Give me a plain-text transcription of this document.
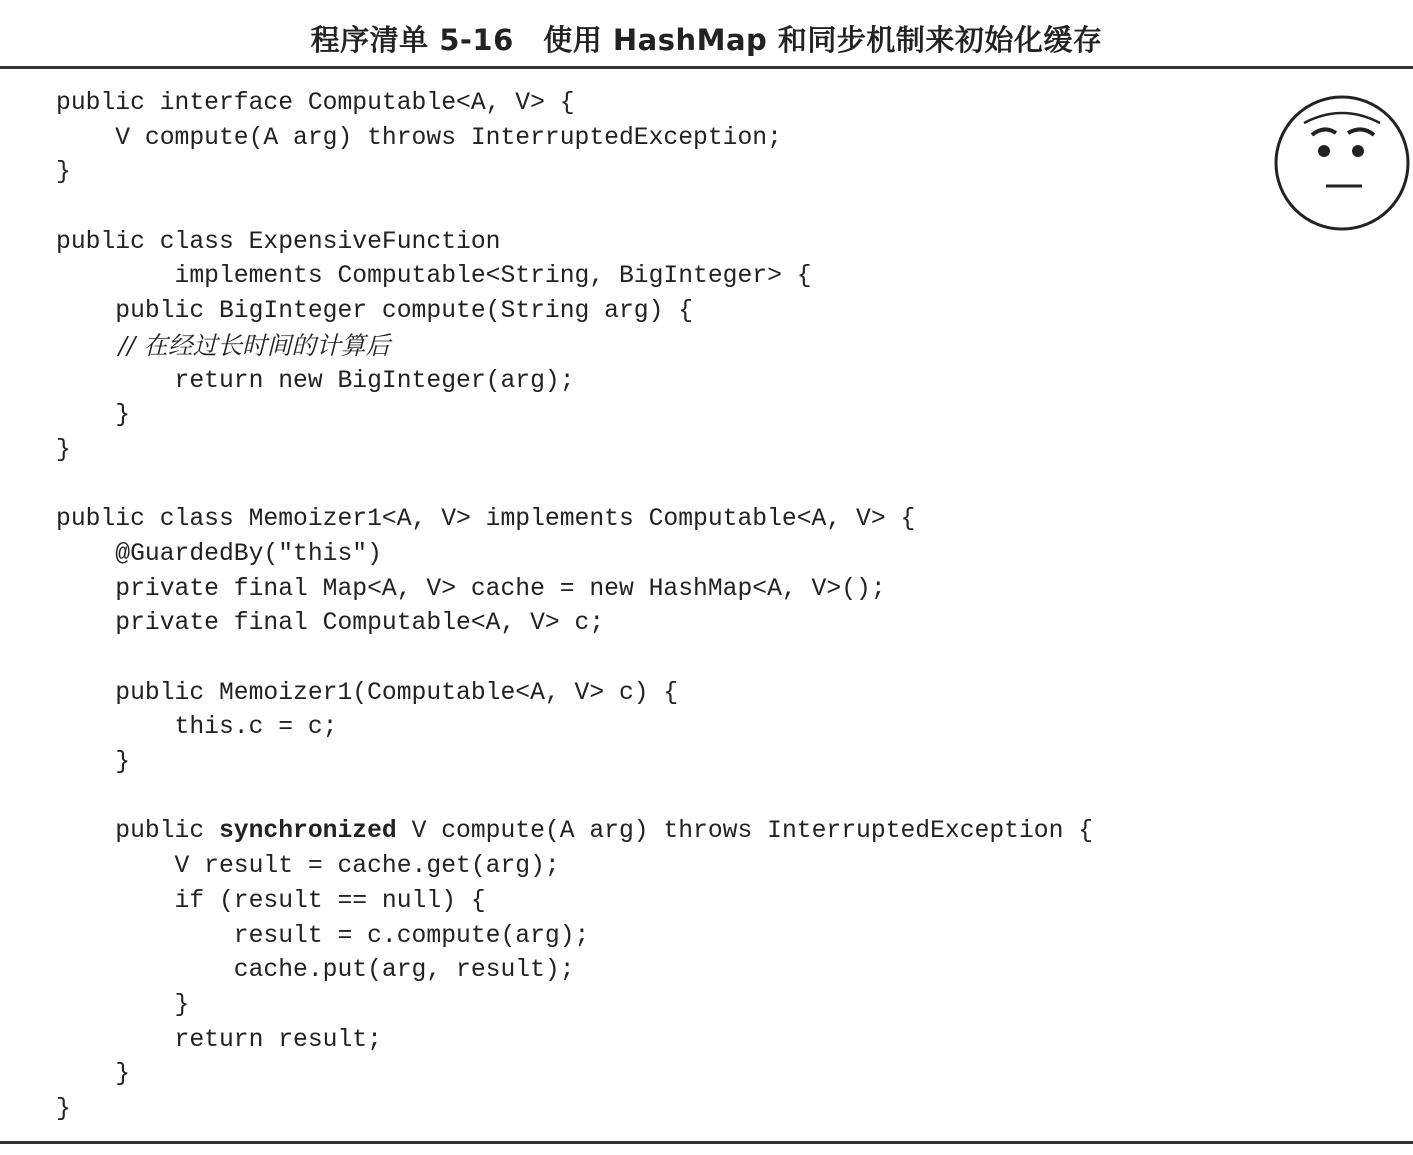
程序清单 5-16　使用 HashMap 和同步机制来初始化缓存
public interface Computable<A, V> {
V compute(A arg) throws InterruptedException;
}
public class ExpensiveFunction
implements Computable<String, BigInteger> {
public BigInteger compute(String arg) {
// 在经过长时间的计算后
return new BigInteger(arg);
}
}
public class Memoizer1<A, V> implements Computable<A, V> {
@GuardedBy("this")
private final Map<A, V> cache = new HashMap<A, V>();
private final Computable<A, V> c;
public Memoizer1(Computable<A, V> c) {
this.c = c;
}
public synchronized V compute(A arg) throws InterruptedException {
V result = cache.get(arg);
if (result == null) {
result = c.compute(arg);
cache.put(arg, result);
}
return result;
}
}
